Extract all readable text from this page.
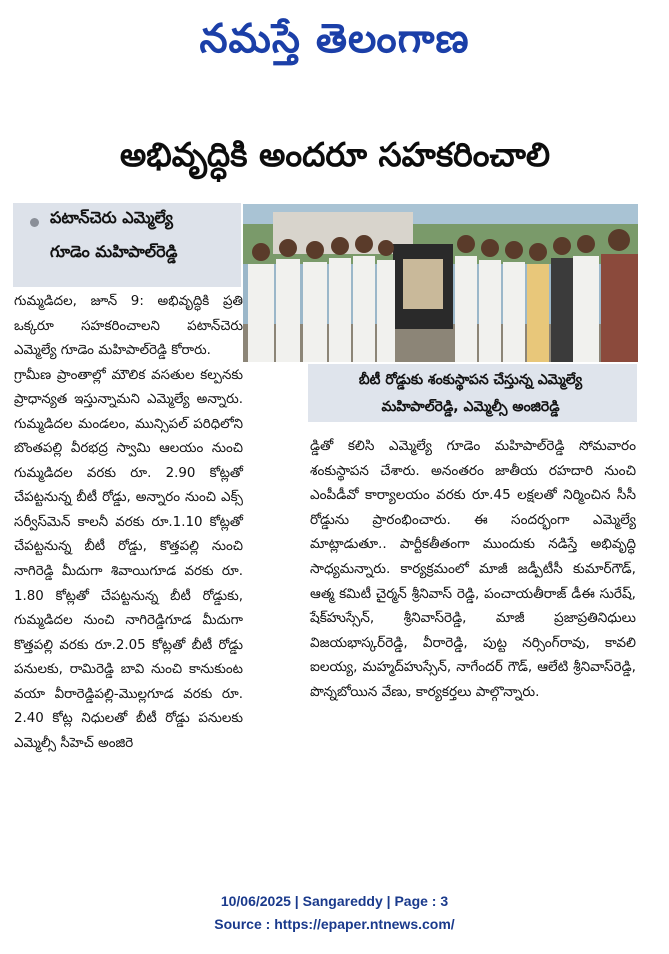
నమస్తే తెలంగాణ
అభివృద్ధికి అందరూ సహకరించాలి
పటాన్‌చెరు ఎమ్మెల్యే
గూడెం మహిపాల్‌రెడ్డి

గుమ్మడిదల, జూన్ 9: అభివృద్ధికి ప్రతి ఒక్కరూ సహకరించాలని పటాన్‌చెరు ఎమ్మెల్యే గూడెం మహిపాల్‌రెడ్డి కోరారు.

గ్రామీణ ప్రాంతాల్లో మౌలిక వసతుల కల్పనకు ప్రాధాన్యత ఇస్తున్నామని ఎమ్మెల్యే అన్నారు. గుమ్మడిదల మండలం, మున్సిపల్ పరిధిలోని బొంతపల్లి వీరభద్ర స్వామి ఆలయం నుంచి గుమ్మడిదల వరకు రూ. 2.90 కోట్లతో చేపట్టనున్న బీటీ రోడ్డు, అన్నారం నుంచి ఎక్స్ సర్వీస్‌మెన్ కాలనీ వరకు రూ.1.10 కోట్లతో చేపట్టనున్న బీటీ రోడ్డు, కొత్తపల్లి నుంచి నాగిరెడ్డి మీదుగా శివాయిగూడ వరకు రూ. 1.80 కోట్లతో చేపట్టనున్న బీటీ రోడ్డుకు, గుమ్మడిదల నుంచి నాగిరెడ్డిగూడ మీదుగా కొత్తపల్లి వరకు రూ.2.05 కోట్లతో బీటీ రోడ్డు పనులకు, రామిరెడ్డి బావి నుంచి కానుకుంట వయా వీరారెడ్డిపల్లి-మొల్లగూడ వరకు రూ. 2.40 కోట్ల నిధులతో బీటీ రోడ్డు పనులకు ఎమ్మెల్సీ సీహెచ్ అంజిరె

బీటీ రోడ్డుకు శంకుస్థాపన చేస్తున్న ఎమ్మెల్యే
మహిపాల్‌రెడ్డి, ఎమ్మెల్సీ అంజిరెడ్డి

డ్డితో కలిసి ఎమ్మెల్యే గూడెం మహిపాల్‌రెడ్డి సోమవారం శంకుస్థాపన చేశారు. అనంతరం జాతీయ రహదారి నుంచి ఎంపీడీవో కార్యాలయం వరకు రూ.45 లక్షలతో నిర్మించిన సీసీ రోడ్డును ప్రారంభించారు. ఈ సందర్భంగా ఎమ్మెల్యే మాట్లాడుతూ.. పార్టీకతీతంగా ముందుకు నడిస్తే అభివృద్ధి సాధ్యమన్నారు. కార్యక్రమంలో మాజీ జడ్పీటీసీ కుమార్‌గౌడ్, ఆత్మ కమిటీ చైర్మన్ శ్రీనివాస్ రెడ్డి, పంచాయతీరాజ్ డీఈ సురేష్, షేక్‌హుస్సేన్, శ్రీనివాస్‌రెడ్డి, మాజీ ప్రజాప్రతినిధులు విజయభాస్కర్‌రెడ్డి, వీరారెడ్డి, పుట్ట నర్సింగ్‌రావు, కావలి ఐలయ్య, మహ్మద్‌హుస్సేన్, నాగేందర్ గౌడ్, ఆలేటి శ్రీనివాస్‌రెడ్డి, పొన్నబోయిన వేణు, కార్యకర్తలు పాల్గొన్నారు.

10/06/2025 | Sangareddy | Page : 3
Source : https://epaper.ntnews.com/
